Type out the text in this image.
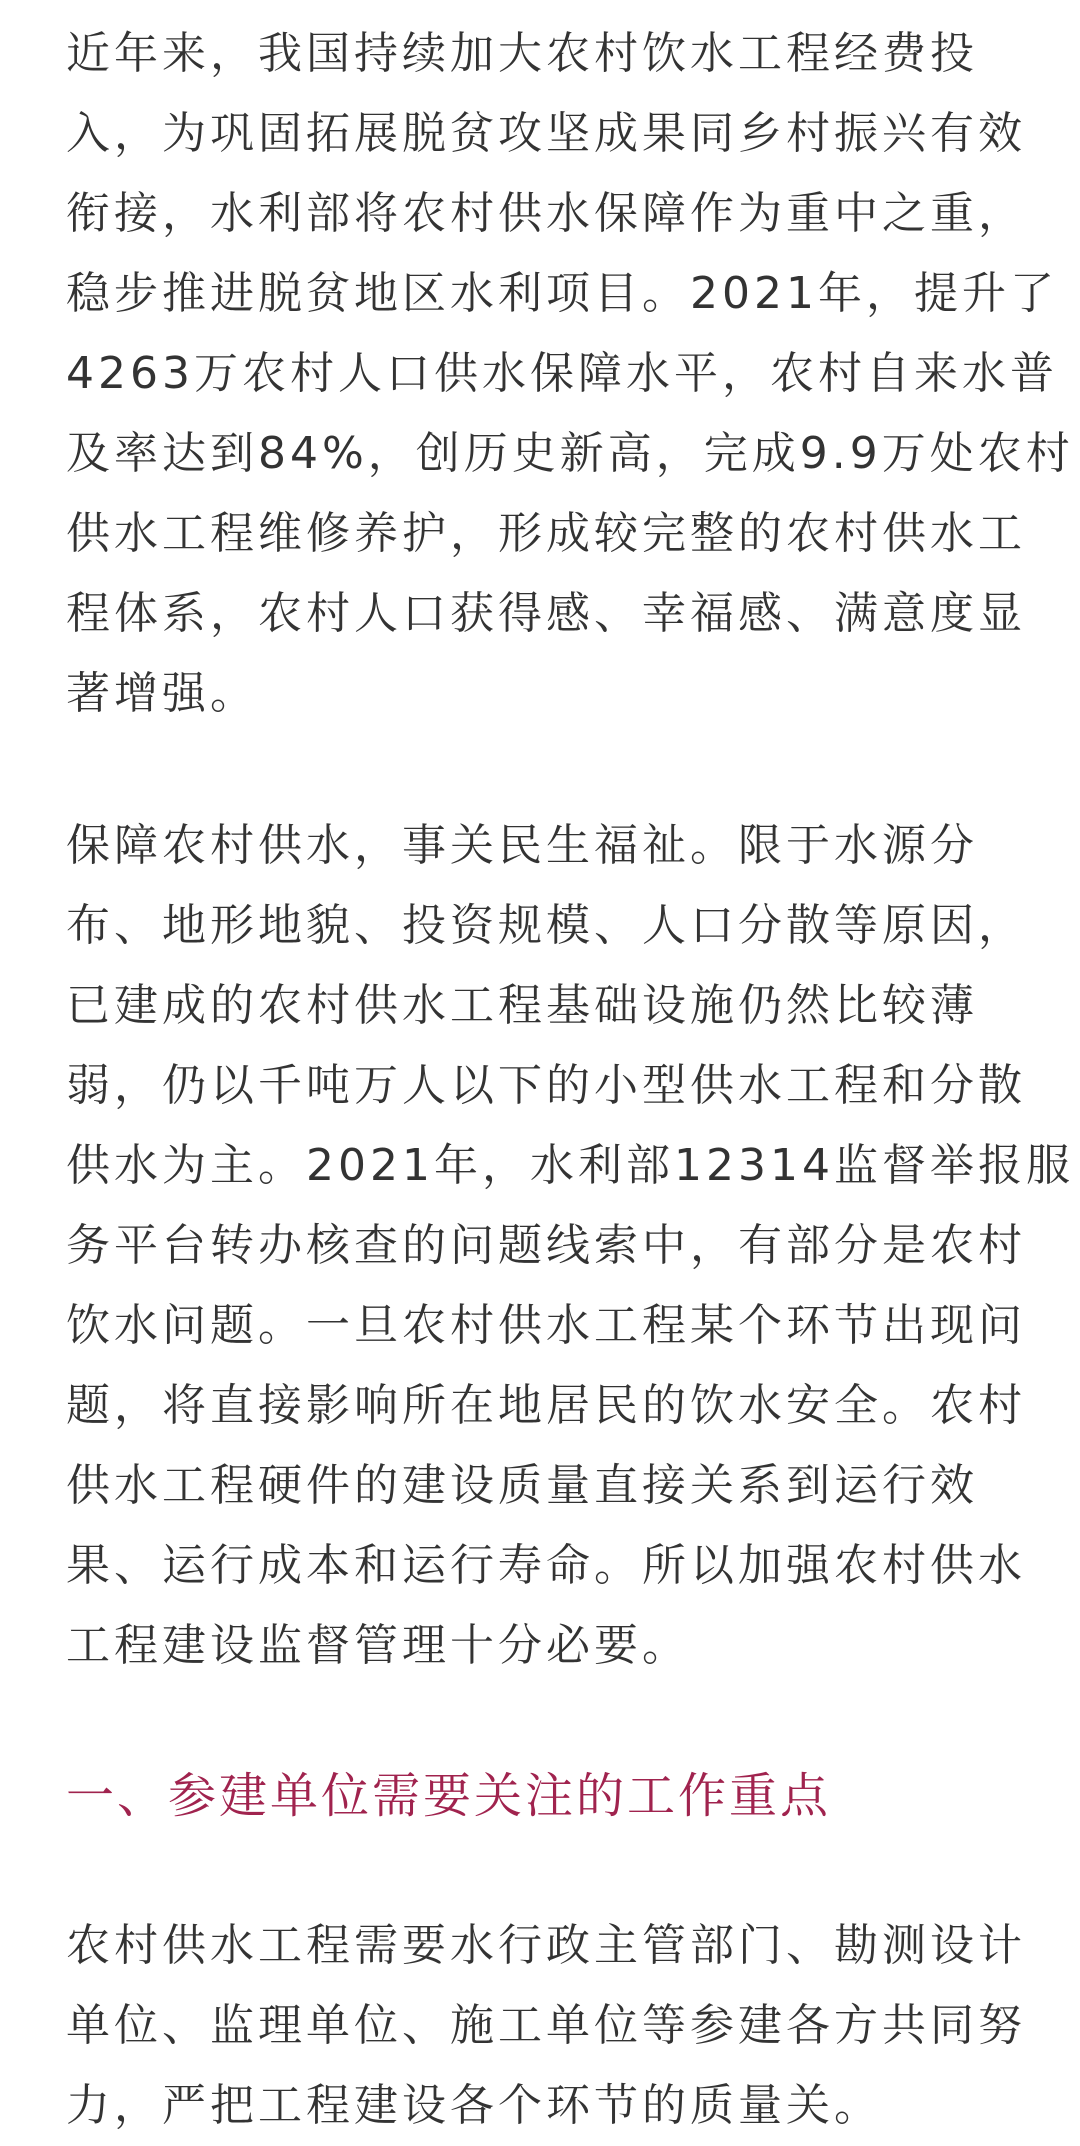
近年来，我国持续加大农村饮水工程经费投
入，为巩固拓展脱贫攻坚成果同乡村振兴有效
衔接，水利部将农村供水保障作为重中之重，
稳步推进脱贫地区水利项目。2021年，提升了
4263万农村人口供水保障水平，农村自来水普
及率达到84%，创历史新高，完成9.9万处农村
供水工程维修养护，形成较完整的农村供水工
程体系，农村人口获得感、幸福感、满意度显
著增强。

保障农村供水，事关民生福祉。限于水源分
布、地形地貌、投资规模、人口分散等原因，
已建成的农村供水工程基础设施仍然比较薄
弱，仍以千吨万人以下的小型供水工程和分散
供水为主。2021年，水利部12314监督举报服
务平台转办核查的问题线索中，有部分是农村
饮水问题。一旦农村供水工程某个环节出现问
题，将直接影响所在地居民的饮水安全。农村
供水工程硬件的建设质量直接关系到运行效
果、运行成本和运行寿命。所以加强农村供水
工程建设监督管理十分必要。

一、参建单位需要关注的工作重点

农村供水工程需要水行政主管部门、勘测设计
单位、监理单位、施工单位等参建各方共同努
力，严把工程建设各个环节的质量关。
